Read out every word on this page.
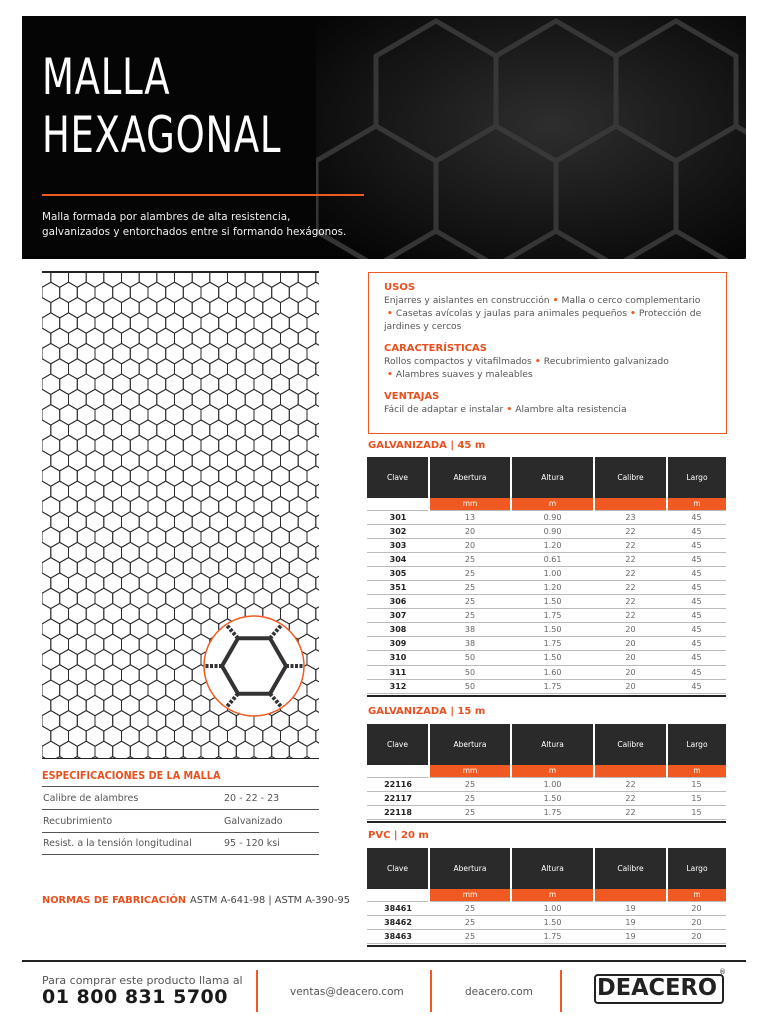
MALLA
HEXAGONAL

Malla formada por alambres de alta resistencia, galvanizados y entorchados entre si formando hexágonos.

ESPECIFICACIONES DE LA MALLA
Calibre de alambres	20 - 22 - 23
Recubrimiento	Galvanizado
Resist. a la tensión longitudinal	95 - 120 ksi
NORMAS DE FABRICACIÓN ASTM A-641-98 | ASTM A-390-95
USOS

Enjarres y aislantes en construcción • Malla o cerco complementario
• Casetas avícolas y jaulas para animales pequeños • Protección de jardines y cercos

CARACTERÍSTICAS

Rollos compactos y vitafilmados • Recubrimiento galvanizado
• Alambres suaves y maleables

VENTAJAS

Fácil de adaptar e instalar • Alambre alta resistencia

GALVANIZADA | 45 m
Clave	Abertura	Altura	Calibre	Largo
	mm	m		m
301	13	0.90	23	45
302	20	0.90	22	45
303	20	1.20	22	45
304	25	0.61	22	45
305	25	1.00	22	45
351	25	1.20	22	45
306	25	1.50	22	45
307	25	1.75	22	45
308	38	1.50	20	45
309	38	1.75	20	45
310	50	1.50	20	45
311	50	1.60	20	45
312	50	1.75	20	45
GALVANIZADA | 15 m
Clave	Abertura	Altura	Calibre	Largo
	mm	m		m
22116	25	1.00	22	15
22117	25	1.50	22	15
22118	25	1.75	22	15
PVC | 20 m
Clave	Abertura	Altura	Calibre	Largo
	mm	m		m
38461	25	1.00	19	20
38462	25	1.50	19	20
38463	25	1.75	19	20
Para comprar este producto llama al
01 800 831 5700	ventas@deacero.com	deacero.com	DEACERO
®
